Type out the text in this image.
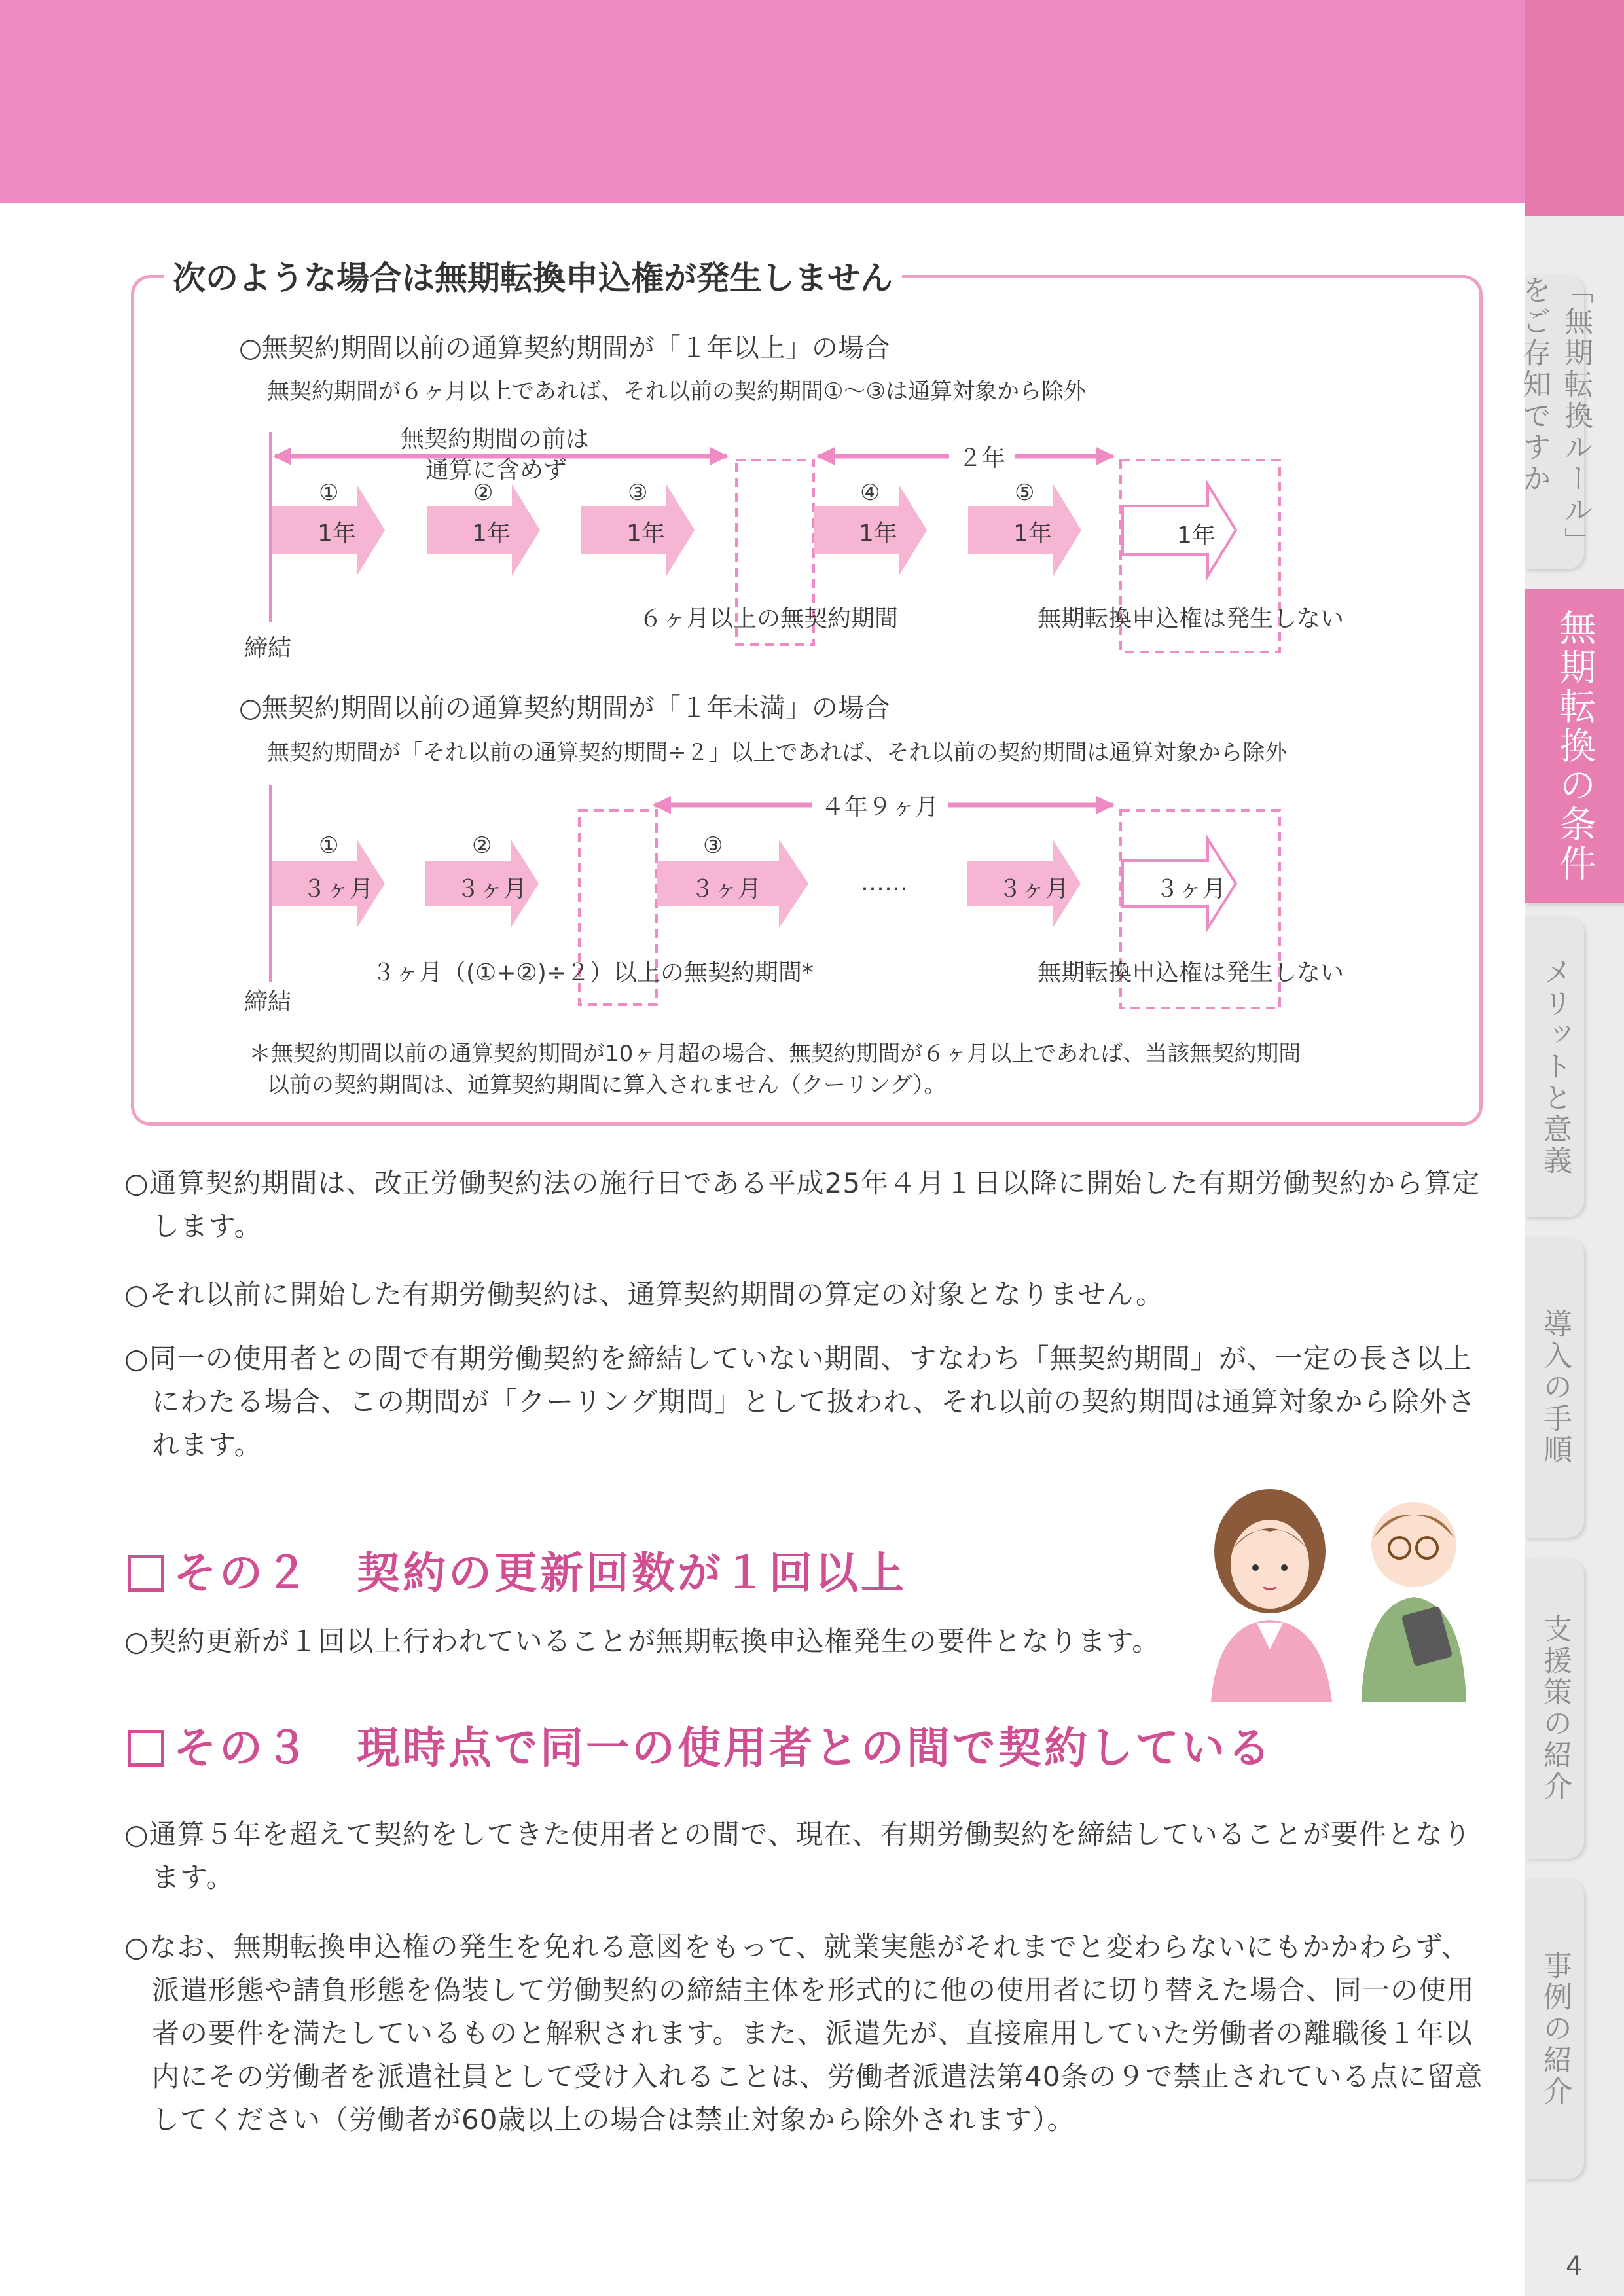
「無期転換ルール」をご存知ですか
無期転換の条件
メリットと意義
導入の手順
支援策の紹介
事例の紹介
4
次のような場合は無期転換申込権が発生しません
○無契約期間以前の通算契約期間が「１年以上」の場合
無契約期間が６ヶ月以上であれば、それ以前の契約期間①～③は通算対象から除外
無契約期間の前は
通算に含めず	２年
①	②	③	④	⑤
1年	1年	1年	1年	1年	1年
６ヶ月以上の無契約期間	無期転換申込権は発生しない
締結
○無契約期間以前の通算契約期間が「１年未満」の場合
無契約期間が「それ以前の通算契約期間÷２」以上であれば、それ以前の契約期間は通算対象から除外
４年９ヶ月
①	②	③
３ヶ月	３ヶ月	３ヶ月	……	３ヶ月	３ヶ月
３ヶ月（(①+②)÷２）以上の無契約期間*	無期転換申込権は発生しない
締結
＊無契約期間以前の通算契約期間が10ヶ月超の場合、無契約期間が６ヶ月以上であれば、当該無契約期間
以前の契約期間は、通算契約期間に算入されません（クーリング）。
○通算契約期間は、改正労働契約法の施行日である平成25年４月１日以降に開始した有期労働契約から算定します。
○それ以前に開始した有期労働契約は、通算契約期間の算定の対象となりません。
○同一の使用者との間で有期労働契約を締結していない期間、すなわち「無契約期間」が、一定の長さ以上にわたる場合、この期間が「クーリング期間」として扱われ、それ以前の契約期間は通算対象から除外されます。
その２　契約の更新回数が１回以上
○契約更新が１回以上行われていることが無期転換申込権発生の要件となります。
その３　現時点で同一の使用者との間で契約している
○通算５年を超えて契約をしてきた使用者との間で、現在、有期労働契約を締結していることが要件となります。
○なお、無期転換申込権の発生を免れる意図をもって、就業実態がそれまでと変わらないにもかかわらず、派遣形態や請負形態を偽装して労働契約の締結主体を形式的に他の使用者に切り替えた場合、同一の使用者の要件を満たしているものと解釈されます。また、派遣先が、直接雇用していた労働者の離職後１年以内にその労働者を派遣社員として受け入れることは、労働者派遣法第40条の９で禁止されている点に留意してください（労働者が60歳以上の場合は禁止対象から除外されます）。
